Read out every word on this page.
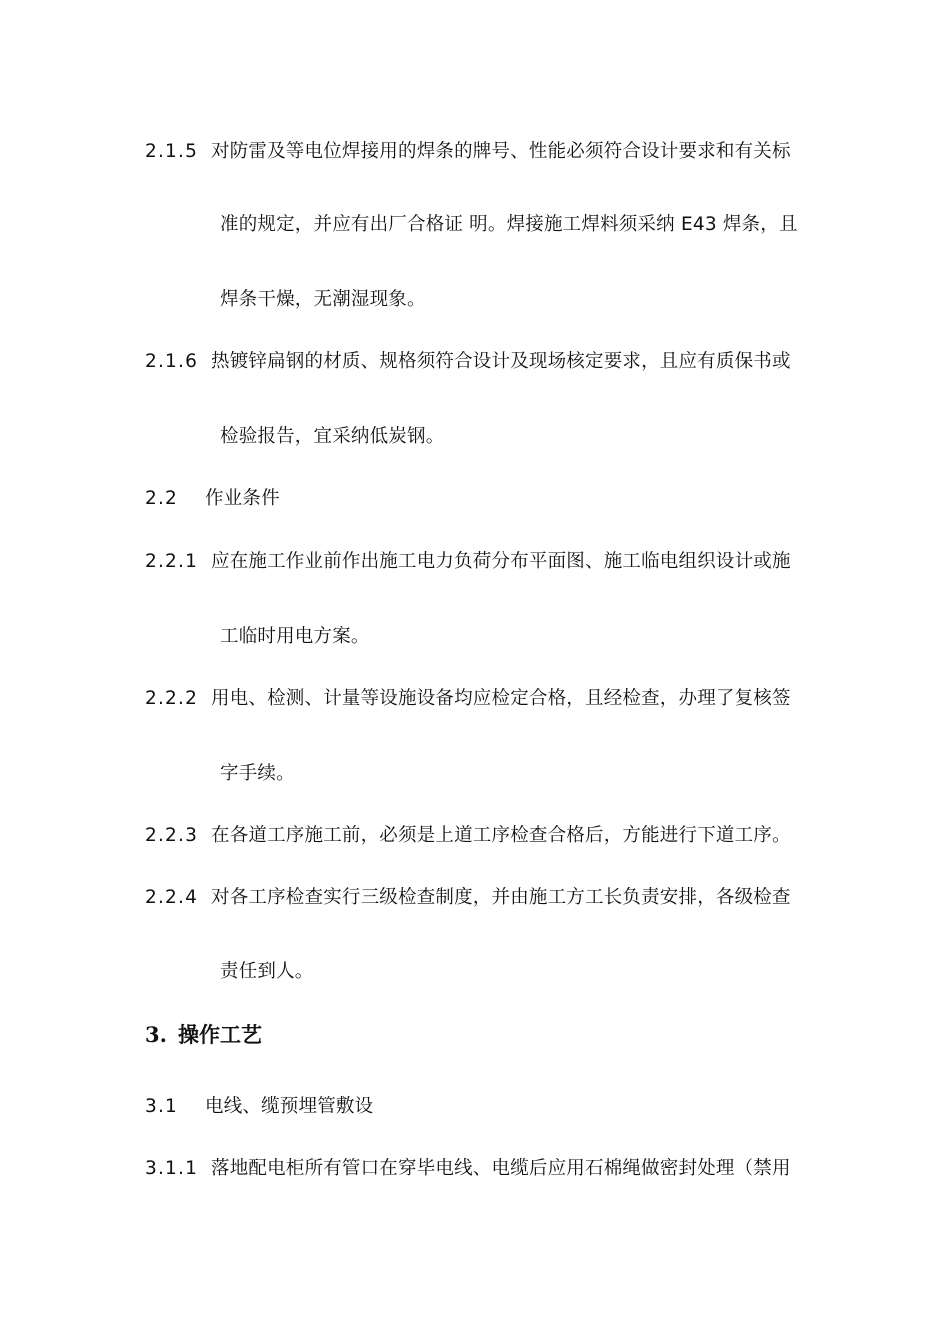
2.1.5 对防雷及等电位焊接用的焊条的牌号、性能必须符合设计要求和有关标
准的规定，并应有出厂合格证 明。焊接施工焊料须采纳 E43 焊条，且
焊条干燥，无潮湿现象。
2.1.6 热镀锌扁钢的材质、规格须符合设计及现场核定要求，且应有质保书或
检验报告，宜采纳低炭钢。
2.2 作业条件
2.2.1 应在施工作业前作出施工电力负荷分布平面图、施工临电组织设计或施
工临时用电方案。
2.2.2 用电、检测、计量等设施设备均应检定合格，且经检查，办理了复核签
字手续。
2.2.3 在各道工序施工前，必须是上道工序检查合格后，方能进行下道工序。
2.2.4 对各工序检查实行三级检查制度，并由施工方工长负责安排，各级检查
责任到人。
3. 操作工艺
3.1 电线、缆预埋管敷设
3.1.1 落地配电柜所有管口在穿毕电线、电缆后应用石棉绳做密封处理（禁用
